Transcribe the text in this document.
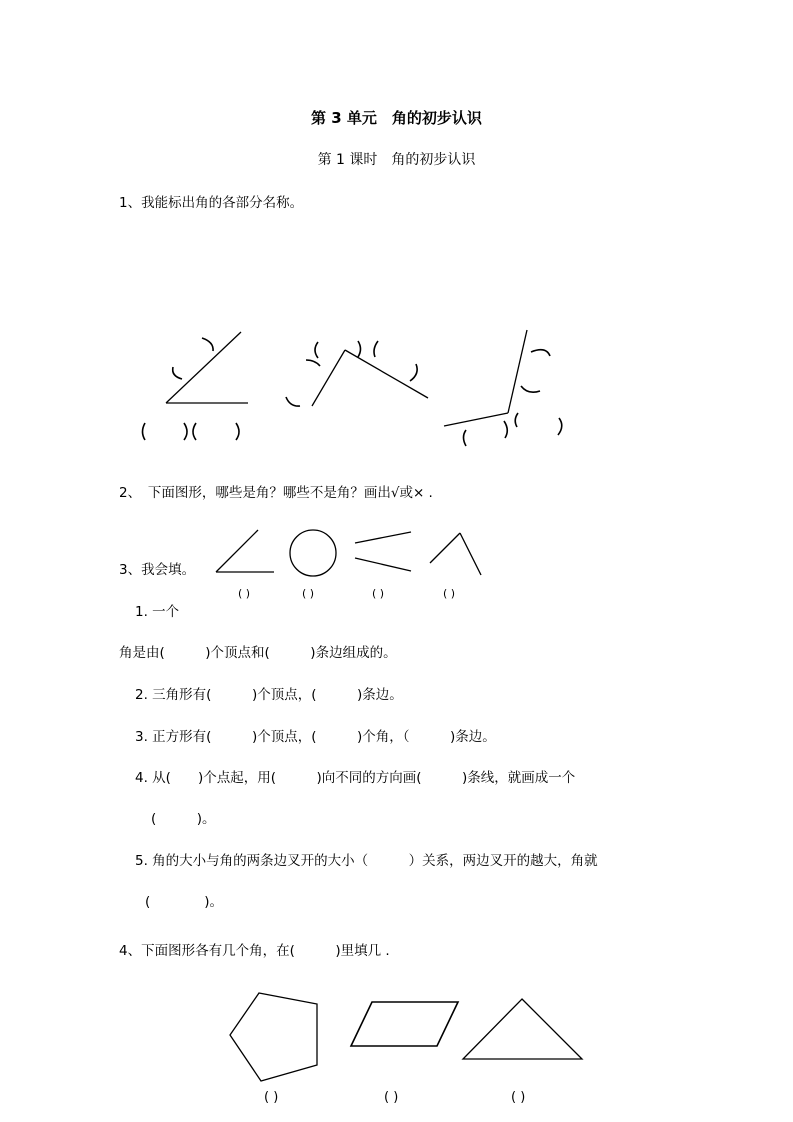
第 3 单元　角的初步认识
第 1 课时　角的初步认识
1、我能标出角的各部分名称。
2、　下面图形，哪些是角？哪些不是角？画出√或× .
( )	( )	( )	( )
3、我会填。
1. 一个
角是由(　　　)个顶点和(　　　)条边组成的。
2. 三角形有(　　　)个顶点，(　　　)条边。
3. 正方形有(　　　)个顶点，(　　　)个角，（　　　)条边。
4. 从(　　)个点起，用(　　　)向不同的方向画(　　　)条线，就画成一个
(　　　)。
5. 角的大小与角的两条边叉开的大小（　　　）关系，两边叉开的越大，角就
(　　　　)。
4、下面图形各有几个角，在(　　　)里填几 .
( )	( )	( )
